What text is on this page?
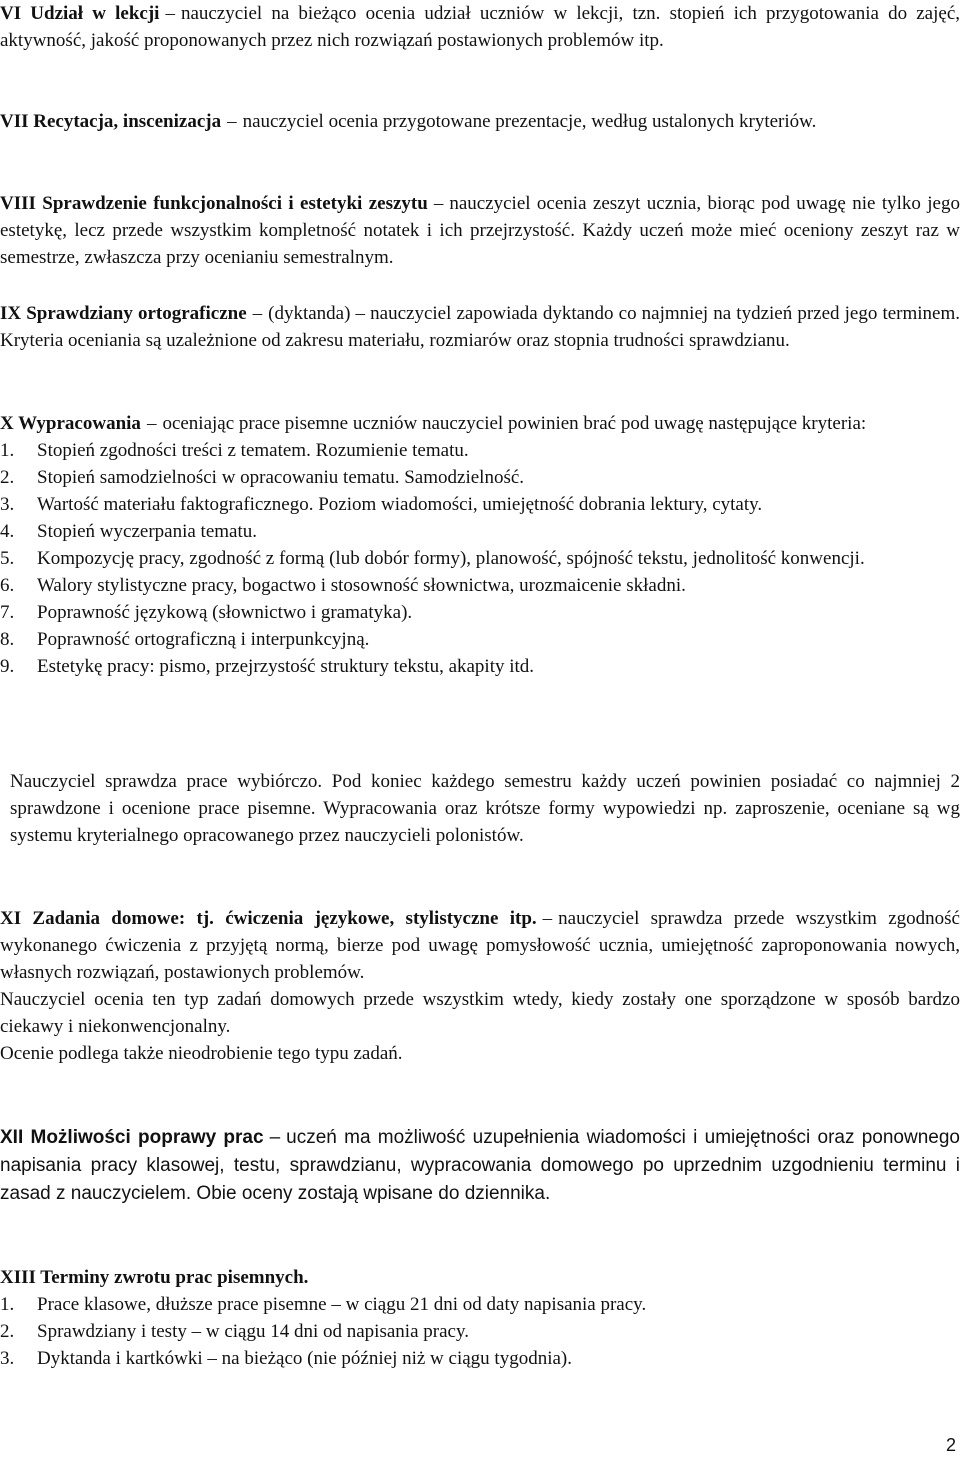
VI Udział w lekcji – nauczyciel na bieżąco ocenia udział uczniów w lekcji, tzn. stopień ich przygotowania do zajęć, aktywność, jakość proponowanych przez nich rozwiązań postawionych problemów itp.

VII Recytacja, inscenizacja – nauczyciel ocenia przygotowane prezentacje, według ustalonych kryteriów.

VIII Sprawdzenie funkcjonalności i estetyki zeszytu – nauczyciel ocenia zeszyt ucznia, biorąc pod uwagę nie tylko jego estetykę, lecz przede wszystkim kompletność notatek i ich przejrzystość. Każdy uczeń może mieć oceniony zeszyt raz w semestrze, zwłaszcza przy ocenianiu semestralnym.

IX Sprawdziany ortograficzne – (dyktanda) – nauczyciel zapowiada dyktando co najmniej na tydzień przed jego terminem. Kryteria oceniania są uzależnione od zakresu materiału, rozmiarów oraz stopnia trudności sprawdzianu.

X Wypracowania – oceniając prace pisemne uczniów nauczyciel powinien brać pod uwagę następujące kryteria:

1. Stopień zgodności treści z tematem. Rozumienie tematu.
2. Stopień samodzielności w opracowaniu tematu. Samodzielność.
3. Wartość materiału faktograficznego. Poziom wiadomości, umiejętność dobrania lektury, cytaty.
4. Stopień wyczerpania tematu.
5. Kompozycję pracy, zgodność z formą (lub dobór formy), planowość, spójność tekstu, jednolitość konwencji.
6. Walory stylistyczne pracy, bogactwo i stosowność słownictwa, urozmaicenie składni.
7. Poprawność językową (słownictwo i gramatyka).
8. Poprawność ortograficzną i interpunkcyjną.
9. Estetykę pracy: pismo, przejrzystość struktury tekstu, akapity itd.

Nauczyciel sprawdza prace wybiórczo. Pod koniec każdego semestru każdy uczeń powinien posiadać co najmniej 2 sprawdzone i ocenione prace pisemne. Wypracowania oraz krótsze formy wypowiedzi np. zaproszenie, oceniane są wg systemu kryterialnego opracowanego przez nauczycieli polonistów.

XI Zadania domowe: tj. ćwiczenia językowe, stylistyczne itp. – nauczyciel sprawdza przede wszystkim zgodność wykonanego ćwiczenia z przyjętą normą, bierze pod uwagę pomysłowość ucznia, umiejętność zaproponowania nowych, własnych rozwiązań, postawionych problemów.

Nauczyciel ocenia ten typ zadań domowych przede wszystkim wtedy, kiedy zostały one sporządzone w sposób bardzo ciekawy i niekonwencjonalny.

Ocenie podlega także nieodrobienie tego typu zadań.

XII Możliwości poprawy prac – uczeń ma możliwość uzupełnienia wiadomości i umiejętności oraz ponownego napisania pracy klasowej, testu, sprawdzianu, wypracowania domowego po uprzednim uzgodnieniu terminu i zasad z nauczycielem. Obie oceny zostają wpisane do dziennika.

XIII Terminy zwrotu prac pisemnych.

1. Prace klasowe, dłuższe prace pisemne – w ciągu 21 dni od daty napisania pracy.
2. Sprawdziany i testy – w ciągu 14 dni od napisania pracy.
3. Dyktanda i kartkówki – na bieżąco (nie później niż w ciągu tygodnia).
2
